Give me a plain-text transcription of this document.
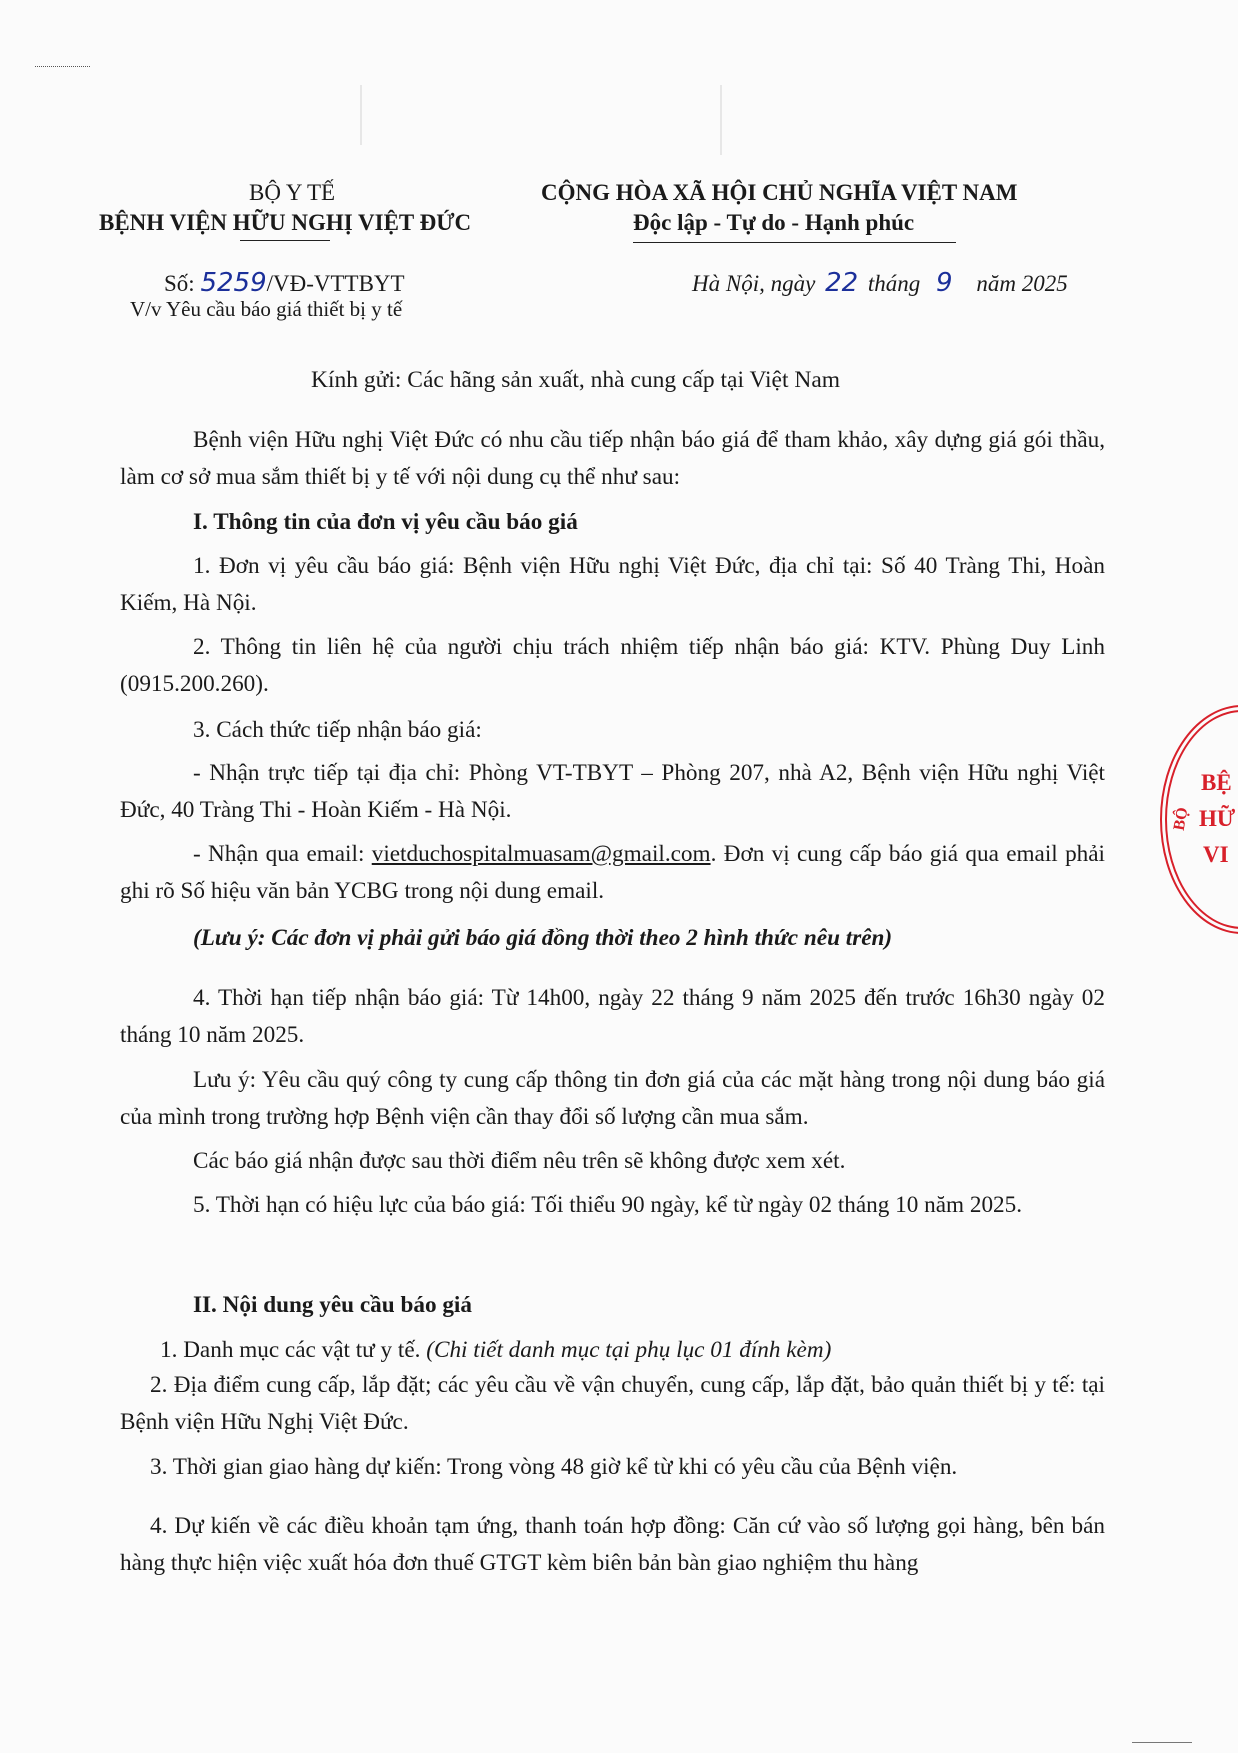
BỘ Y TẾ
BỆNH VIỆN HỮU NGHỊ VIỆT ĐỨC
CỘNG HÒA XÃ HỘI CHỦ NGHĨA VIỆT NAM
Độc lập - Tự do - Hạnh phúc
Số: 5259/VĐ-VTTBYT
V/v Yêu cầu báo giá thiết bị y tế
Hà Nội, ngày 22 tháng 9 năm 2025
Kính gửi: Các hãng sản xuất, nhà cung cấp tại Việt Nam
Bệnh viện Hữu nghị Việt Đức có nhu cầu tiếp nhận báo giá để tham khảo, xây dựng giá gói thầu, làm cơ sở mua sắm thiết bị y tế với nội dung cụ thể như sau:
I. Thông tin của đơn vị yêu cầu báo giá
1. Đơn vị yêu cầu báo giá: Bệnh viện Hữu nghị Việt Đức, địa chỉ tại: Số 40 Tràng Thi, Hoàn Kiếm, Hà Nội.
2. Thông tin liên hệ của người chịu trách nhiệm tiếp nhận báo giá: KTV. Phùng Duy Linh (0915.200.260).
3. Cách thức tiếp nhận báo giá:
- Nhận trực tiếp tại địa chỉ: Phòng VT-TBYT – Phòng 207, nhà A2, Bệnh viện Hữu nghị Việt Đức, 40 Tràng Thi - Hoàn Kiếm - Hà Nội.
- Nhận qua email: vietduchospitalmuasam@gmail.com. Đơn vị cung cấp báo giá qua email phải ghi rõ Số hiệu văn bản YCBG trong nội dung email.
(Lưu ý: Các đơn vị phải gửi báo giá đồng thời theo 2 hình thức nêu trên)
4. Thời hạn tiếp nhận báo giá: Từ 14h00, ngày 22 tháng 9 năm 2025 đến trước 16h30 ngày 02 tháng 10 năm 2025.
Lưu ý: Yêu cầu quý công ty cung cấp thông tin đơn giá của các mặt hàng trong nội dung báo giá của mình trong trường hợp Bệnh viện cần thay đổi số lượng cần mua sắm.
Các báo giá nhận được sau thời điểm nêu trên sẽ không được xem xét.
5. Thời hạn có hiệu lực của báo giá: Tối thiểu 90 ngày, kể từ ngày 02 tháng 10 năm 2025.
II. Nội dung yêu cầu báo giá
1. Danh mục các vật tư y tế. (Chi tiết danh mục tại phụ lục 01 đính kèm)
2. Địa điểm cung cấp, lắp đặt; các yêu cầu về vận chuyển, cung cấp, lắp đặt, bảo quản thiết bị y tế: tại Bệnh viện Hữu Nghị Việt Đức.
3. Thời gian giao hàng dự kiến: Trong vòng 48 giờ kể từ khi có yêu cầu của Bệnh viện.
4. Dự kiến về các điều khoản tạm ứng, thanh toán hợp đồng: Căn cứ vào số lượng gọi hàng, bên bán hàng thực hiện việc xuất hóa đơn thuế GTGT kèm biên bản bàn giao nghiệm thu hàng
BỆ
HỮ
VI
BỘ
